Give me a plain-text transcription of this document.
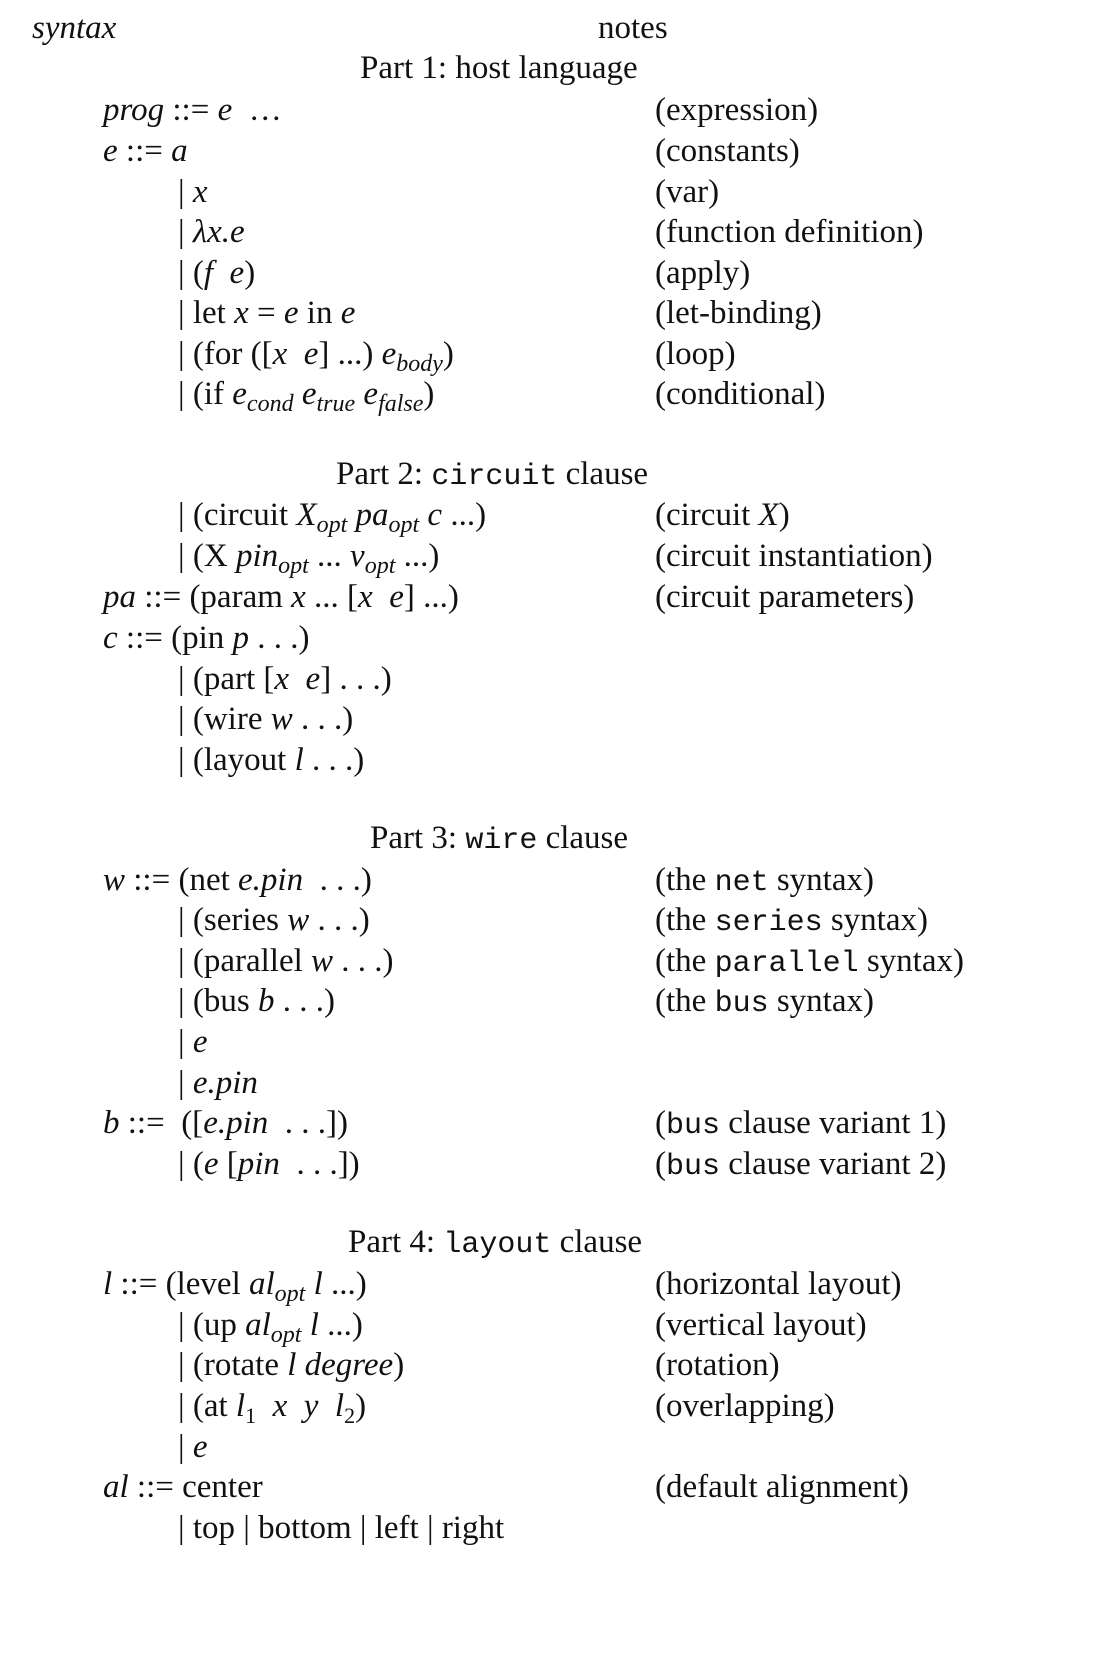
syntax	notes
Part 1: host language
prog ::= e  …	(expression)
e ::= a	(constants)
| x	(var)
| λx.e	(function definition)
| (f e)	(apply)
| let x = e in e	(let-binding)
| (for ([x e] ...) $e_{body}$)	(loop)
| (if $e_{cond}$ $e_{true}$ $e_{false}$)	(conditional)
Part 2: circuit clause
| (circuit $X_{opt}$ $pa_{opt}$ c ...)	(circuit X)
| (X pin$_{opt}$ ... $v_{opt}$ ...)	(circuit instantiation)
pa ::= (param x ... [x e] ...)	(circuit parameters)
c ::= (pin p . . .)
| (part [x e] . . .)
| (wire w . . .)
| (layout l . . .)
Part 3: wire clause
w ::= (net e.pin  . . .)	(the net syntax)
| (series w . . .)	(the series syntax)
| (parallel w . . .)	(the parallel syntax)
| (bus b . . .)	(the bus syntax)
| e
| e.pin
b ::=  ([e.pin  . . .])	(bus clause variant 1)
| (e [pin  . . .])	(bus clause variant 2)
Part 4: layout clause
l ::= (level $al_{opt}$ l ...)	(horizontal layout)
| (up $al_{opt}$ l ...)	(vertical layout)
| (rotate l degree)	(rotation)
| (at $l_1$ x y $l_2$)	(overlapping)
| e
al ::= center	(default alignment)
| top | bottom | left | right
